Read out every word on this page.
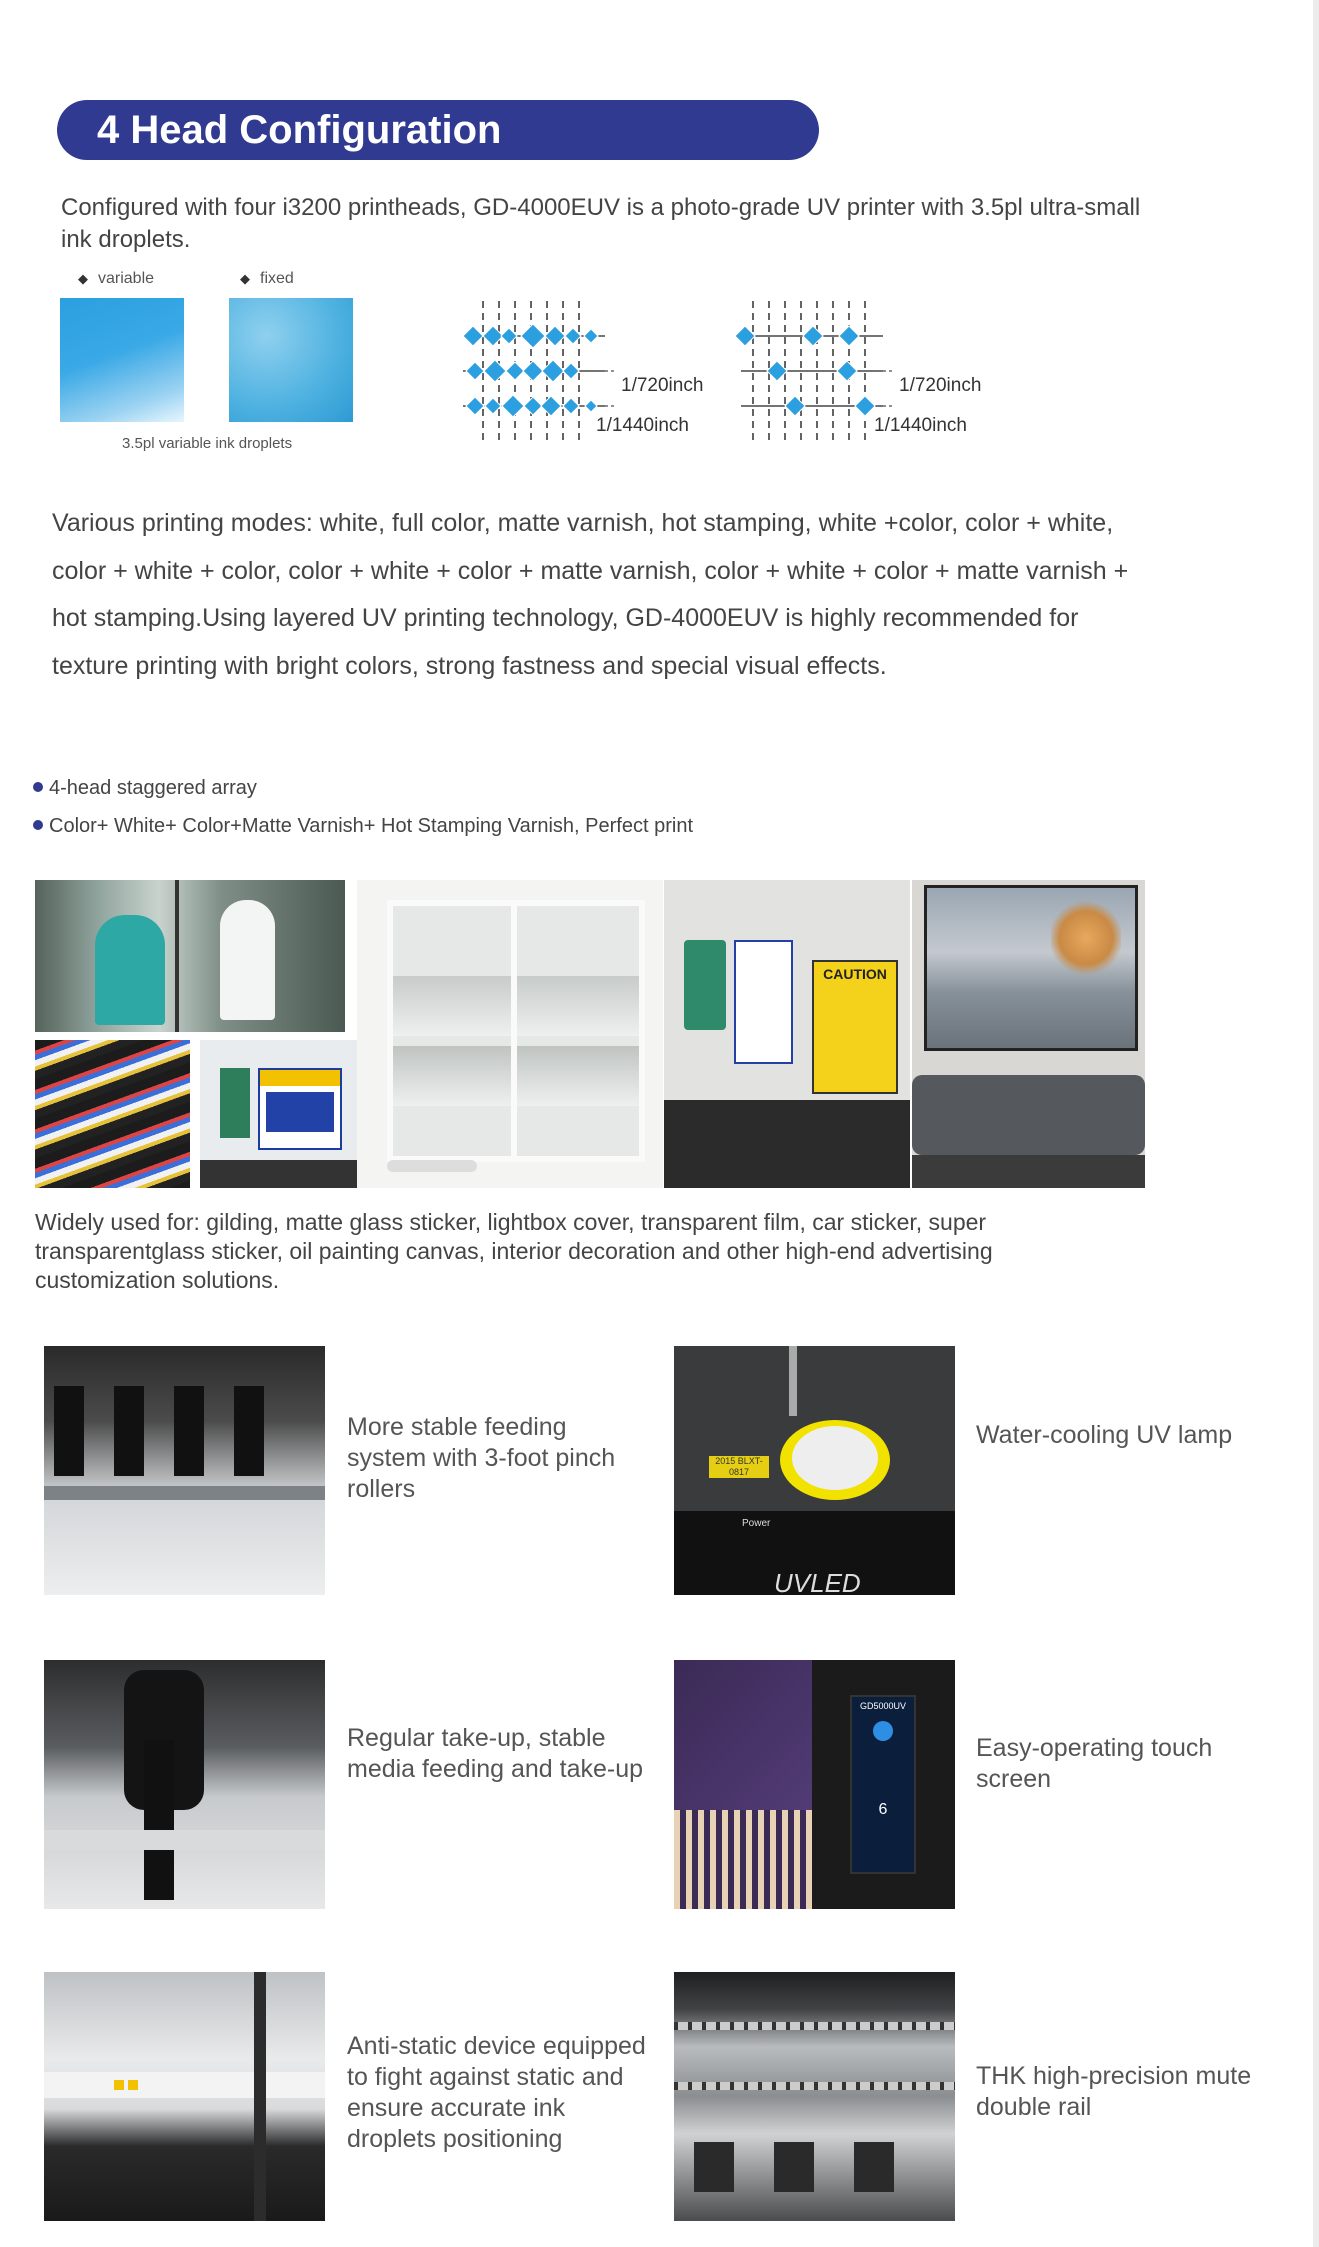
4 Head Configuration
Configured with four i3200 printheads, GD-4000EUV is a photo-grade UV printer with 3.5pl ultra-small ink droplets.
◆ variable	◆ fixed
3.5pl variable ink droplets
1/720inch
1/1440inch
1/720inch
1/1440inch
Various printing modes: white, full color, matte varnish, hot stamping, white +color, color + white, color + white + color, color + white + color + matte varnish, color + white + color + matte varnish + hot stamping.Using layered UV printing technology, GD-4000EUV is highly recommended for texture printing with bright colors, strong fastness and special visual effects.
4-head staggered array
Color+ White+ Color+Matte Varnish+ Hot Stamping Varnish, Perfect print
CAUTION
Widely used for: gilding, matte glass sticker, lightbox cover, transparent film, car sticker, super transparentglass sticker, oil painting canvas, interior decoration and other high-end advertising customization solutions.
More stable feeding system with 3-foot pinch rollers
2015 BLXT-0817
Power
UVLED
Water-cooling UV lamp
Regular take-up, stable media feeding and take-up
GD5000UV
6
Easy-operating touch screen
Anti-static device equipped to fight against static and ensure accurate ink droplets positioning
THK high-precision mute double rail
